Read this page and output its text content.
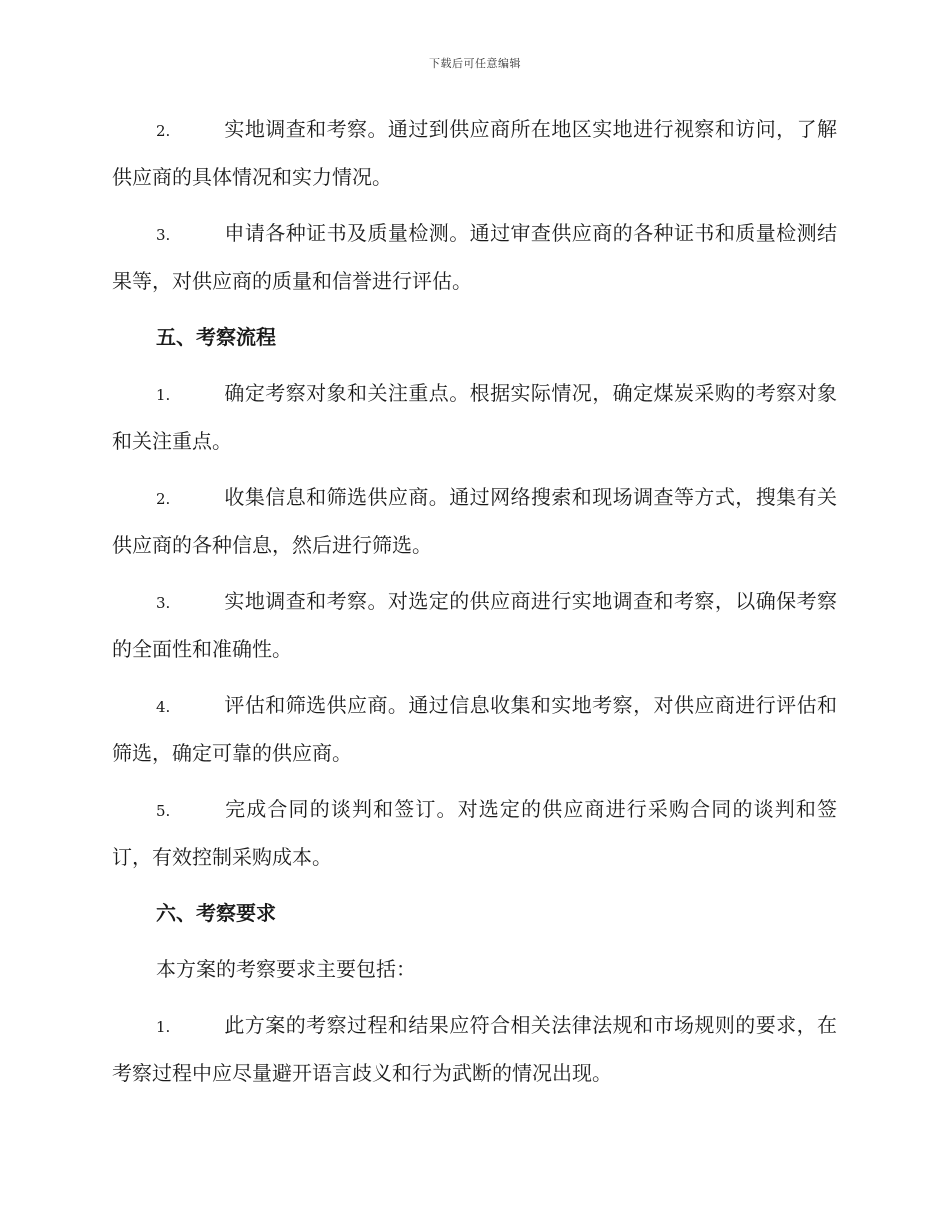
下载后可任意编辑
2.	实地调查和考察。通过到供应商所在地区实地进行视察和访问，了解供应商的具体情况和实力情况。
3.	申请各种证书及质量检测。通过审查供应商的各种证书和质量检测结果等，对供应商的质量和信誉进行评估。
五、考察流程
1.	确定考察对象和关注重点。根据实际情况，确定煤炭采购的考察对象和关注重点。
2.	收集信息和筛选供应商。通过网络搜索和现场调查等方式，搜集有关供应商的各种信息，然后进行筛选。
3.	实地调查和考察。对选定的供应商进行实地调查和考察，以确保考察的全面性和准确性。
4.	评估和筛选供应商。通过信息收集和实地考察，对供应商进行评估和筛选，确定可靠的供应商。
5.	完成合同的谈判和签订。对选定的供应商进行采购合同的谈判和签订，有效控制采购成本。
六、考察要求
本方案的考察要求主要包括：
1.	此方案的考察过程和结果应符合相关法律法规和市场规则的要求，在考察过程中应尽量避开语言歧义和行为武断的情况出现。
